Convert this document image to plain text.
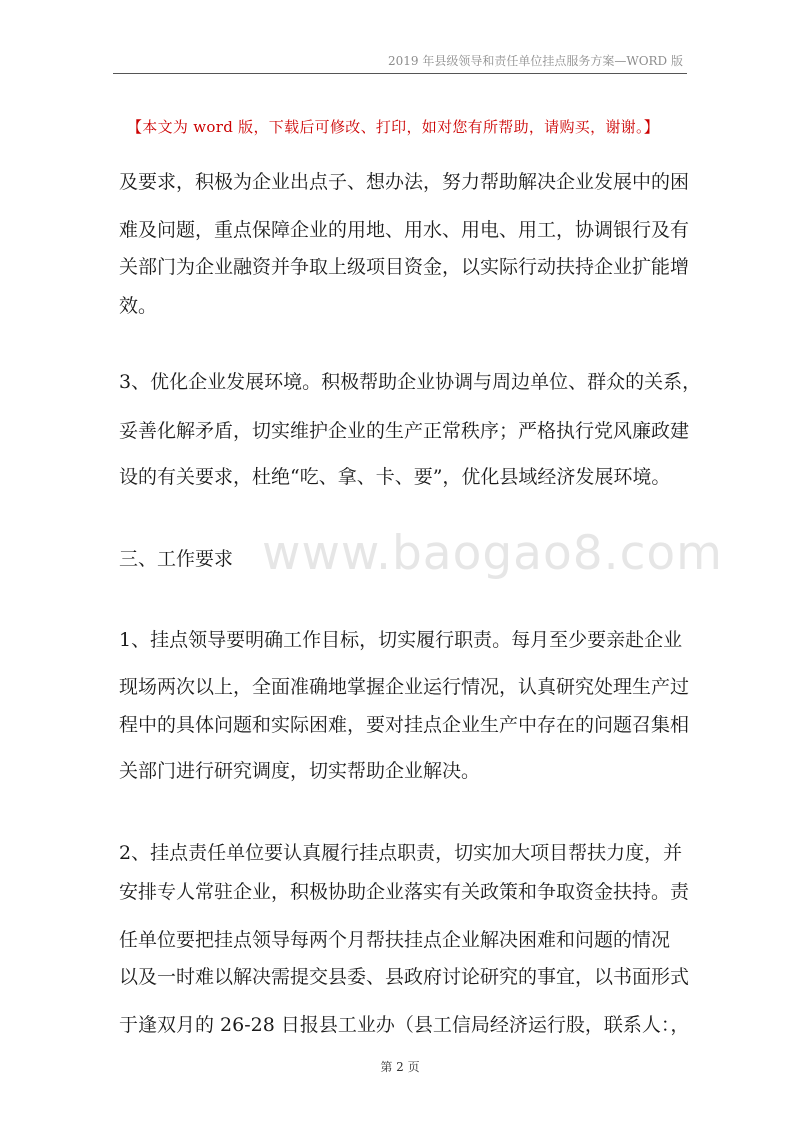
2019 年县级领导和责任单位挂点服务方案—WORD 版
www.baogao8.com
【本文为 word 版，下载后可修改、打印，如对您有所帮助，请购买，谢谢。】
及要求，积极为企业出点子、想办法，努力帮助解决企业发展中的困
难及问题，重点保障企业的用地、用水、用电、用工，协调银行及有
关部门为企业融资并争取上级项目资金，以实际行动扶持企业扩能增
效。
3、优化企业发展环境。积极帮助企业协调与周边单位、群众的关系，
妥善化解矛盾，切实维护企业的生产正常秩序；严格执行党风廉政建
设的有关要求，杜绝“吃、拿、卡、要”，优化县域经济发展环境。
三、工作要求
1、挂点领导要明确工作目标，切实履行职责。每月至少要亲赴企业
现场两次以上，全面准确地掌握企业运行情况，认真研究处理生产过
程中的具体问题和实际困难，要对挂点企业生产中存在的问题召集相
关部门进行研究调度，切实帮助企业解决。
2、挂点责任单位要认真履行挂点职责，切实加大项目帮扶力度，并
安排专人常驻企业，积极协助企业落实有关政策和争取资金扶持。责
任单位要把挂点领导每两个月帮扶挂点企业解决困难和问题的情况
以及一时难以解决需提交县委、县政府讨论研究的事宜，以书面形式
于逢双月的 26-28 日报县工业办（县工信局经济运行股，联系人：，
第 2 页
